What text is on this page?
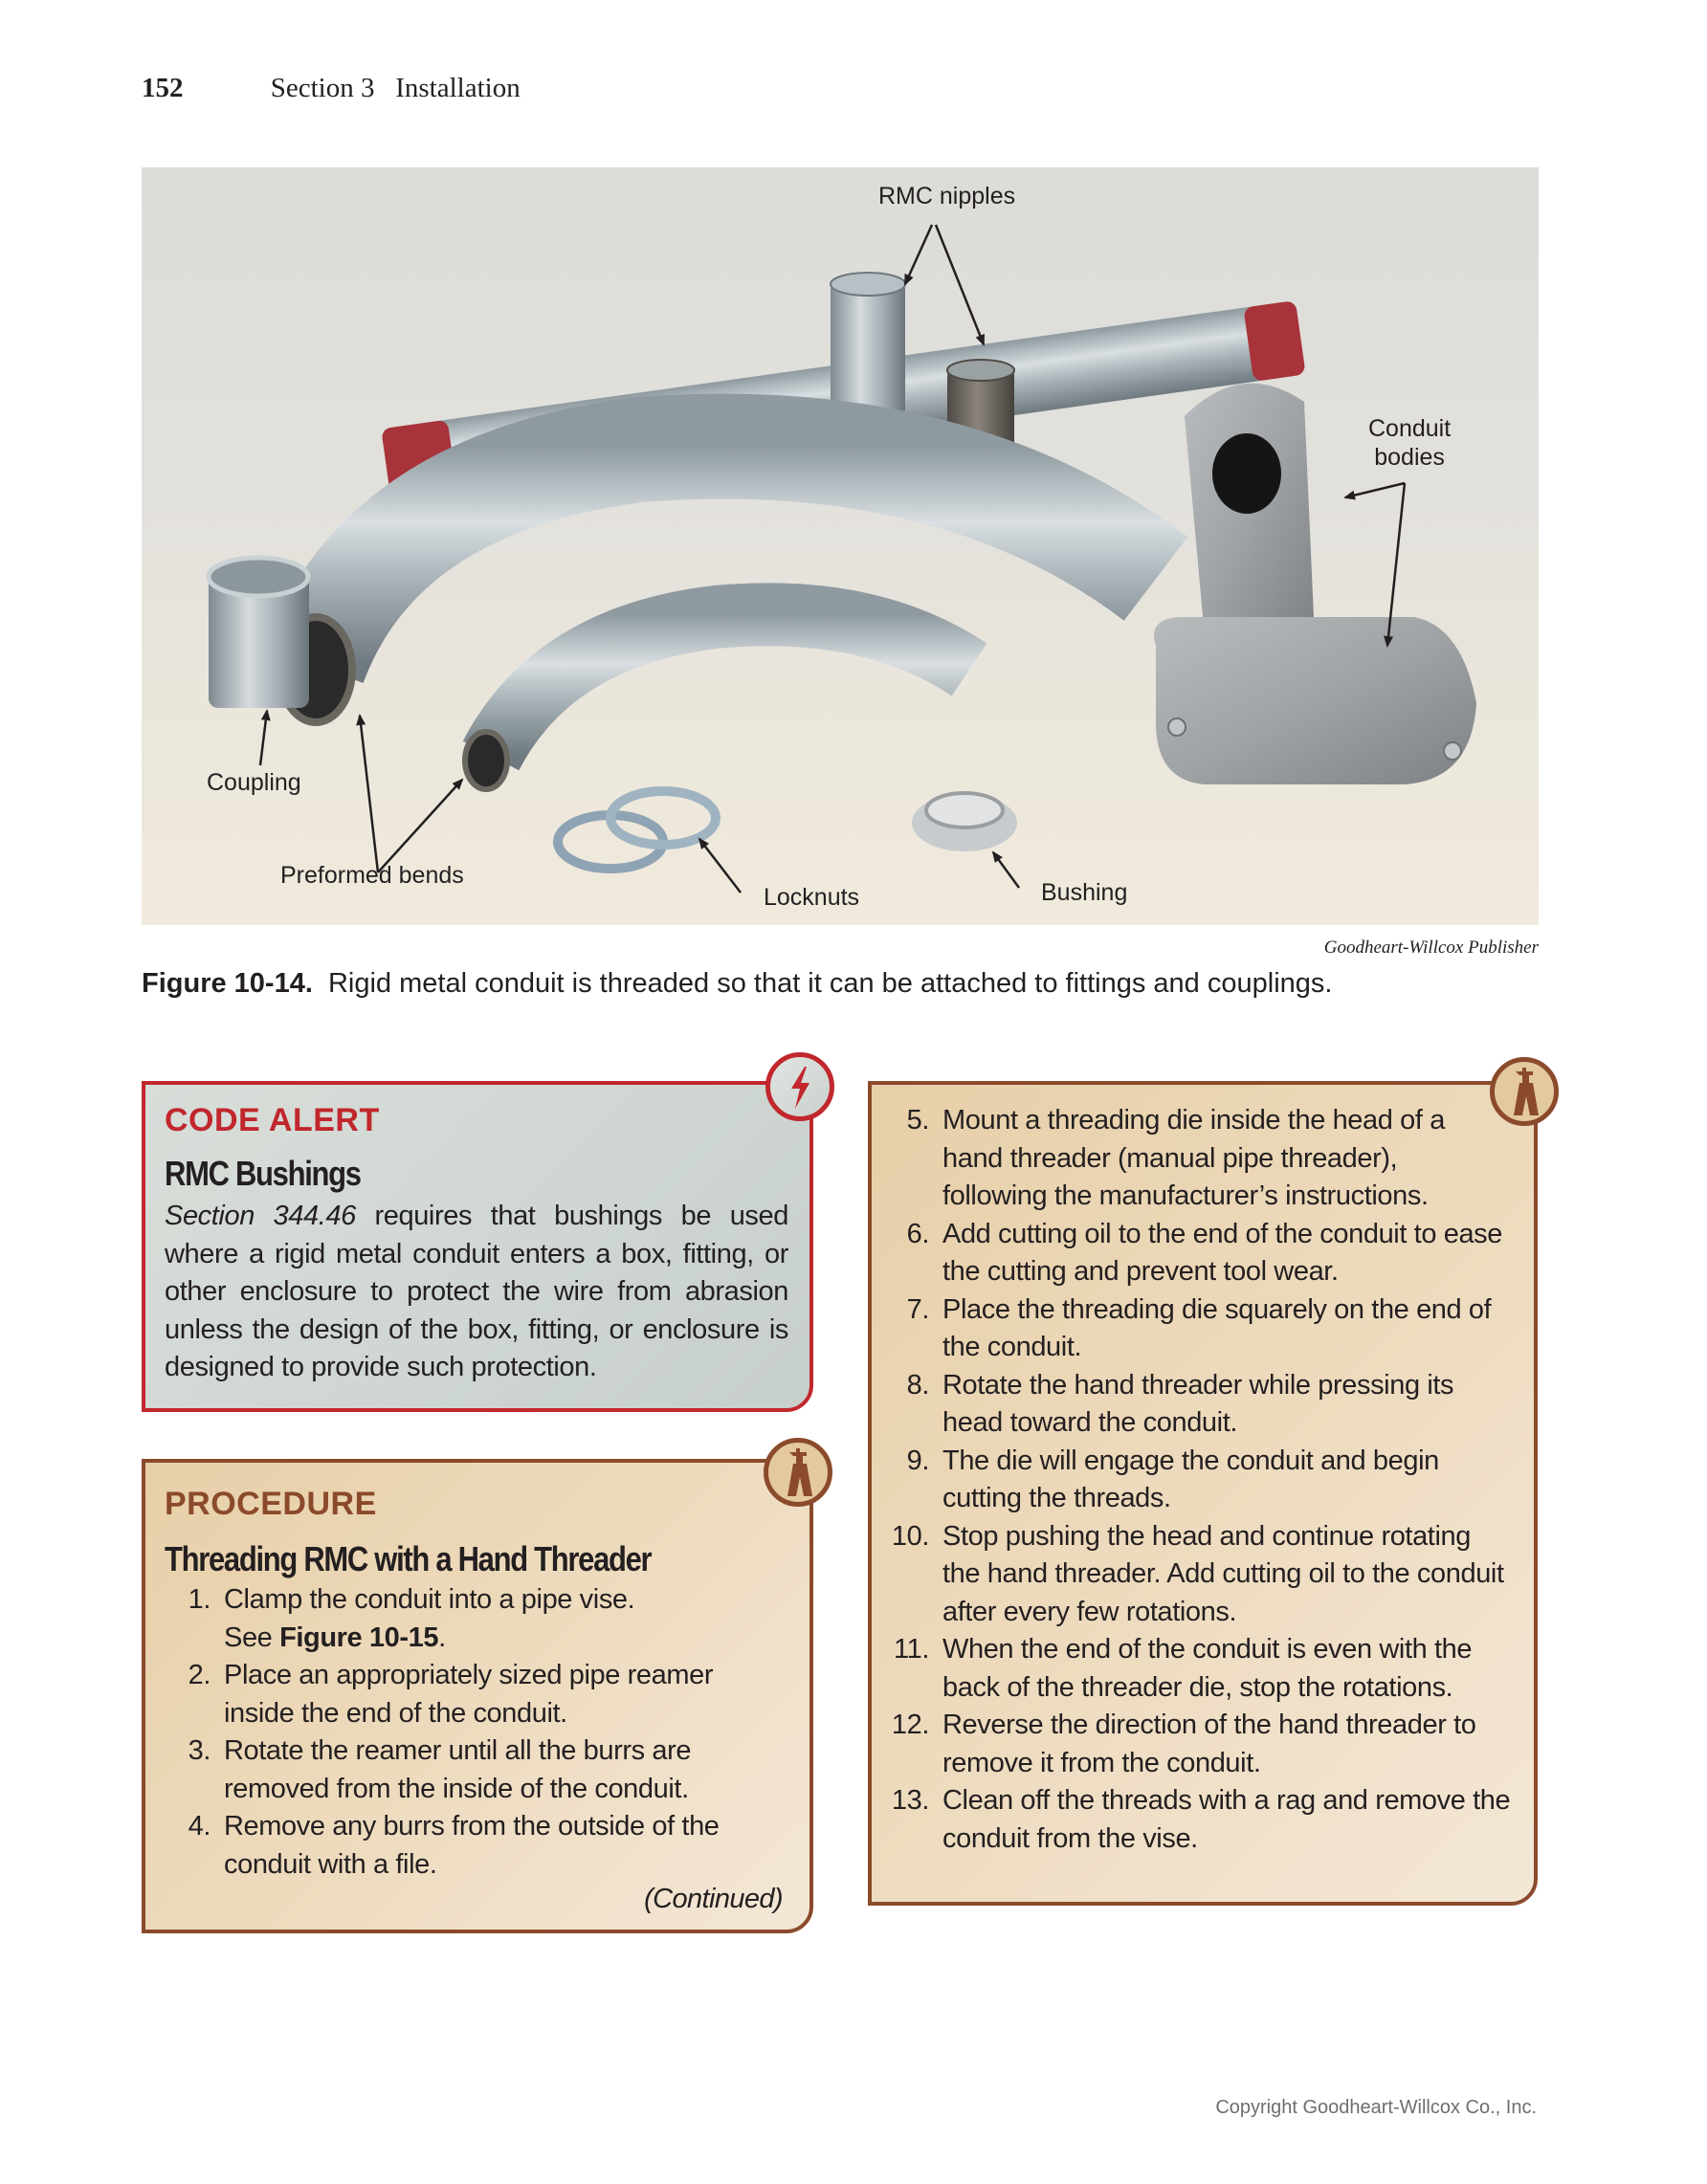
152	Section 3   Installation
RMC nipples
Conduit
bodies
Coupling
Preformed bends
Locknuts	Bushing
Goodheart-Willcox Publisher
Figure 10-14. Rigid metal conduit is threaded so that it can be attached to fittings and couplings.
CODE ALERT
RMC Bushings
Section 344.46 requires that bushings be used where a rigid metal conduit enters a box, fitting, or other enclosure to protect the wire from abrasion unless the design of the box, fitting, or enclosure is designed to provide such protection.
PROCEDURE
Threading RMC with a Hand Threader
1. Clamp the conduit into a pipe vise.
See Figure 10-15.
2. Place an appropriately sized pipe reamer inside the end of the conduit.
3. Rotate the reamer until all the burrs are removed from the inside of the conduit.
4. Remove any burrs from the outside of the conduit with a file.
(Continued)
5. Mount a threading die inside the head of a hand threader (manual pipe threader), following the manufacturer’s instructions.
6. Add cutting oil to the end of the conduit to ease the cutting and prevent tool wear.
7. Place the threading die squarely on the end of the conduit.
8. Rotate the hand threader while pressing its head toward the conduit.
9. The die will engage the conduit and begin cutting the threads.
10. Stop pushing the head and continue rotating the hand threader. Add cutting oil to the conduit after every few rotations.
11. When the end of the conduit is even with the back of the threader die, stop the rotations.
12. Reverse the direction of the hand threader to remove it from the conduit.
13. Clean off the threads with a rag and remove the conduit from the vise.
Copyright Goodheart-Willcox Co., Inc.
